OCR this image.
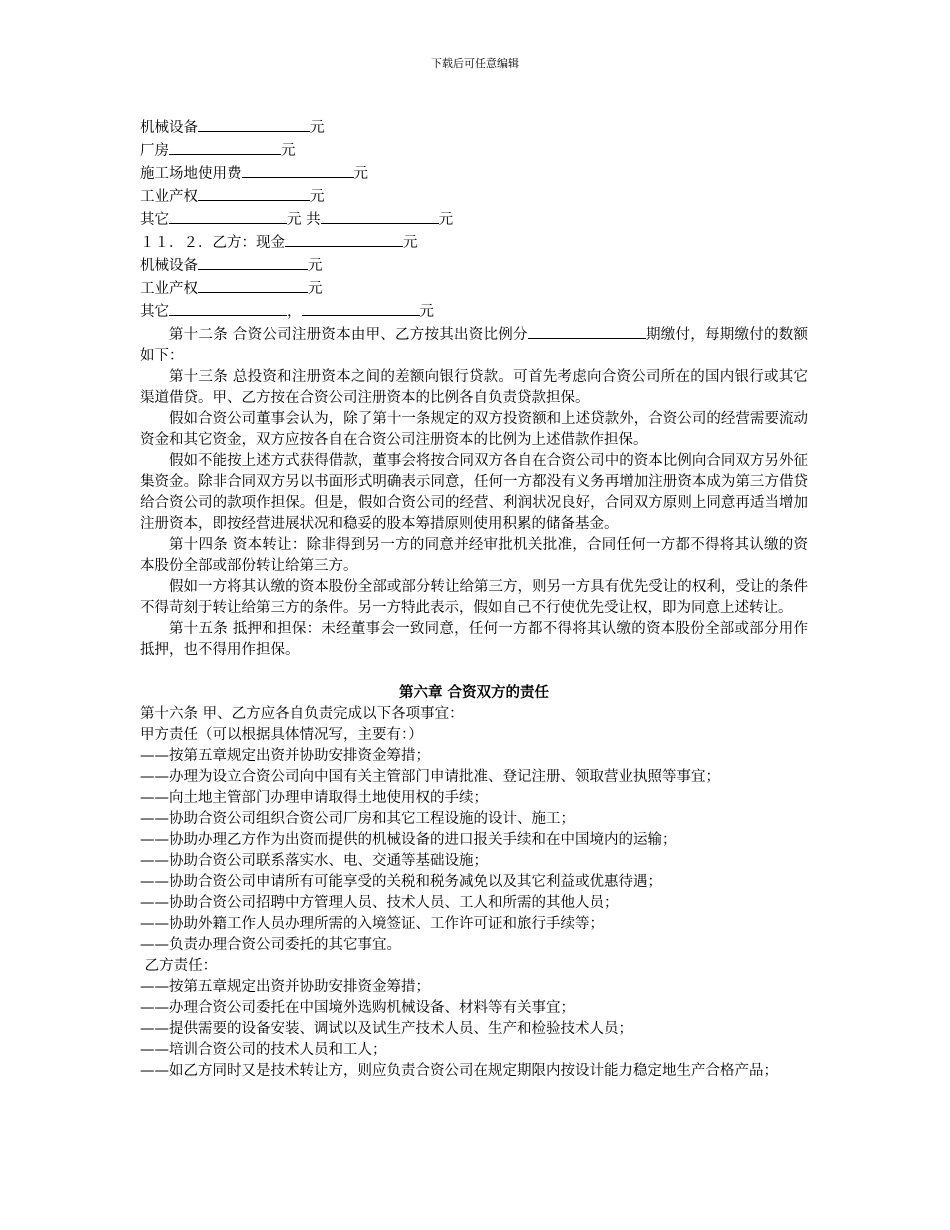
下载后可任意编辑
机械设备	元
厂房	元
施工场地使用费	元
工业产权	元
其它	元 共	元
１１．２．乙方：现金	元
机械设备	元
工业产权	元
其它	，	元
第十二条 合资公司注册资本由甲、乙方按其出资比例分	期缴付，每期缴付的数额如下：
第十三条 总投资和注册资本之间的差额向银行贷款。可首先考虑向合资公司所在的国内银行或其它渠道借贷。甲、乙方按在合资公司注册资本的比例各自负责贷款担保。
假如合资公司董事会认为，除了第十一条规定的双方投资额和上述贷款外，合资公司的经营需要流动资金和其它资金，双方应按各自在合资公司注册资本的比例为上述借款作担保。
假如不能按上述方式获得借款，董事会将按合同双方各自在合资公司中的资本比例向合同双方另外征集资金。除非合同双方另以书面形式明确表示同意，任何一方都没有义务再增加注册资本成为第三方借贷给合资公司的款项作担保。但是，假如合资公司的经营、利润状况良好，合同双方原则上同意再适当增加注册资本，即按经营进展状况和稳妥的股本筹措原则使用积累的储备基金。
第十四条 资本转让：除非得到另一方的同意并经审批机关批准，合同任何一方都不得将其认缴的资本股份全部或部份转让给第三方。
假如一方将其认缴的资本股份全部或部分转让给第三方，则另一方具有优先受让的权利，受让的条件不得苛刻于转让给第三方的条件。另一方特此表示，假如自己不行使优先受让权，即为同意上述转让。
第十五条 抵押和担保：未经董事会一致同意，任何一方都不得将其认缴的资本股份全部或部分用作抵押，也不得用作担保。
第六章 合资双方的责任
第十六条 甲、乙方应各自负责完成以下各项事宜：
甲方责任（可以根据具体情况写，主要有：）
——按第五章规定出资并协助安排资金筹措；
——办理为设立合资公司向中国有关主管部门申请批准、登记注册、领取营业执照等事宜；
——向土地主管部门办理申请取得土地使用权的手续；
——协助合资公司组织合资公司厂房和其它工程设施的设计、施工；
——协助办理乙方作为出资而提供的机械设备的进口报关手续和在中国境内的运输；
——协助合资公司联系落实水、电、交通等基础设施；
——协助合资公司申请所有可能享受的关税和税务减免以及其它利益或优惠待遇；
——协助合资公司招聘中方管理人员、技术人员、工人和所需的其他人员；
——协助外籍工作人员办理所需的入境签证、工作许可证和旅行手续等；
——负责办理合资公司委托的其它事宜。
乙方责任：
——按第五章规定出资并协助安排资金筹措；
——办理合资公司委托在中国境外选购机械设备、材料等有关事宜；
——提供需要的设备安装、调试以及试生产技术人员、生产和检验技术人员；
——培训合资公司的技术人员和工人；
——如乙方同时又是技术转让方，则应负责合资公司在规定期限内按设计能力稳定地生产合格产品；
